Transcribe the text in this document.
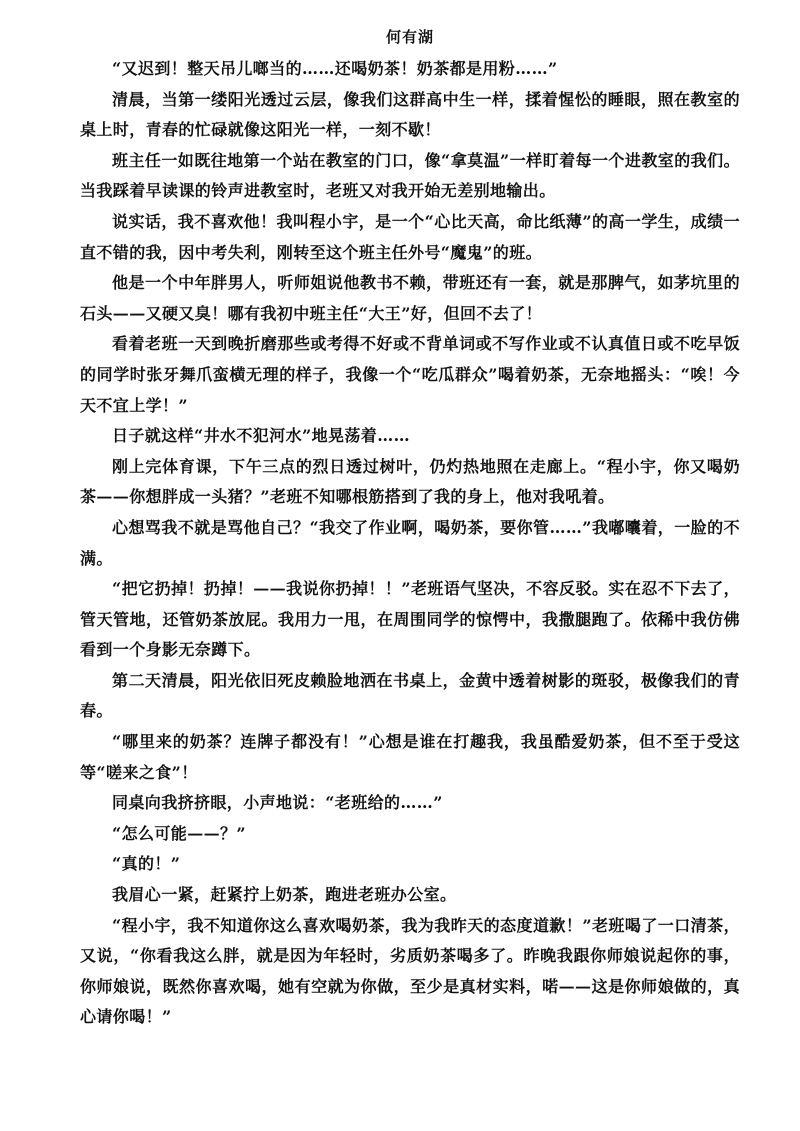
何有湖

“又迟到！整天吊儿啷当的……还喝奶茶！奶茶都是用粉……”

清晨，当第一缕阳光透过云层，像我们这群高中生一样，揉着惺忪的睡眼，照在教室的桌上时，青春的忙碌就像这阳光一样，一刻不歇！

班主任一如既往地第一个站在教室的门口，像“拿莫温”一样盯着每一个进教室的我们。当我踩着早读课的铃声进教室时，老班又对我开始无差别地输出。

说实话，我不喜欢他！我叫程小宇，是一个“心比天高，命比纸薄”的高一学生，成绩一直不错的我，因中考失利，刚转至这个班主任外号“魔鬼”的班。

他是一个中年胖男人，听师姐说他教书不赖，带班还有一套，就是那脾气，如茅坑里的石头——又硬又臭！哪有我初中班主任“大王”好，但回不去了！

看着老班一天到晚折磨那些或考得不好或不背单词或不写作业或不认真值日或不吃早饭的同学时张牙舞爪蛮横无理的样子，我像一个“吃瓜群众”喝着奶茶，无奈地摇头：“唉！今天不宜上学！”

日子就这样“井水不犯河水”地晃荡着……

刚上完体育课，下午三点的烈日透过树叶，仍灼热地照在走廊上。“程小宇，你又喝奶茶——你想胖成一头猪？”老班不知哪根筋搭到了我的身上，他对我吼着。

心想骂我不就是骂他自己？“我交了作业啊，喝奶茶，要你管……”我嘟囔着，一脸的不满。

“把它扔掉！扔掉！——我说你扔掉！！”老班语气坚决，不容反驳。实在忍不下去了，管天管地，还管奶茶放屁。我用力一甩，在周围同学的惊愕中，我撒腿跑了。依稀中我仿佛看到一个身影无奈蹲下。

第二天清晨，阳光依旧死皮赖脸地洒在书桌上，金黄中透着树影的斑驳，极像我们的青春。

“哪里来的奶茶？连牌子都没有！”心想是谁在打趣我，我虽酷爱奶茶，但不至于受这等“嗟来之食”！

同桌向我挤挤眼，小声地说：“老班给的……”

“怎么可能——？”

“真的！”

我眉心一紧，赶紧拧上奶茶，跑进老班办公室。

“程小宇，我不知道你这么喜欢喝奶茶，我为我昨天的态度道歉！”老班喝了一口清茶，又说，“你看我这么胖，就是因为年轻时，劣质奶茶喝多了。昨晚我跟你师娘说起你的事，你师娘说，既然你喜欢喝，她有空就为你做，至少是真材实料，喏——这是你师娘做的，真心请你喝！”
